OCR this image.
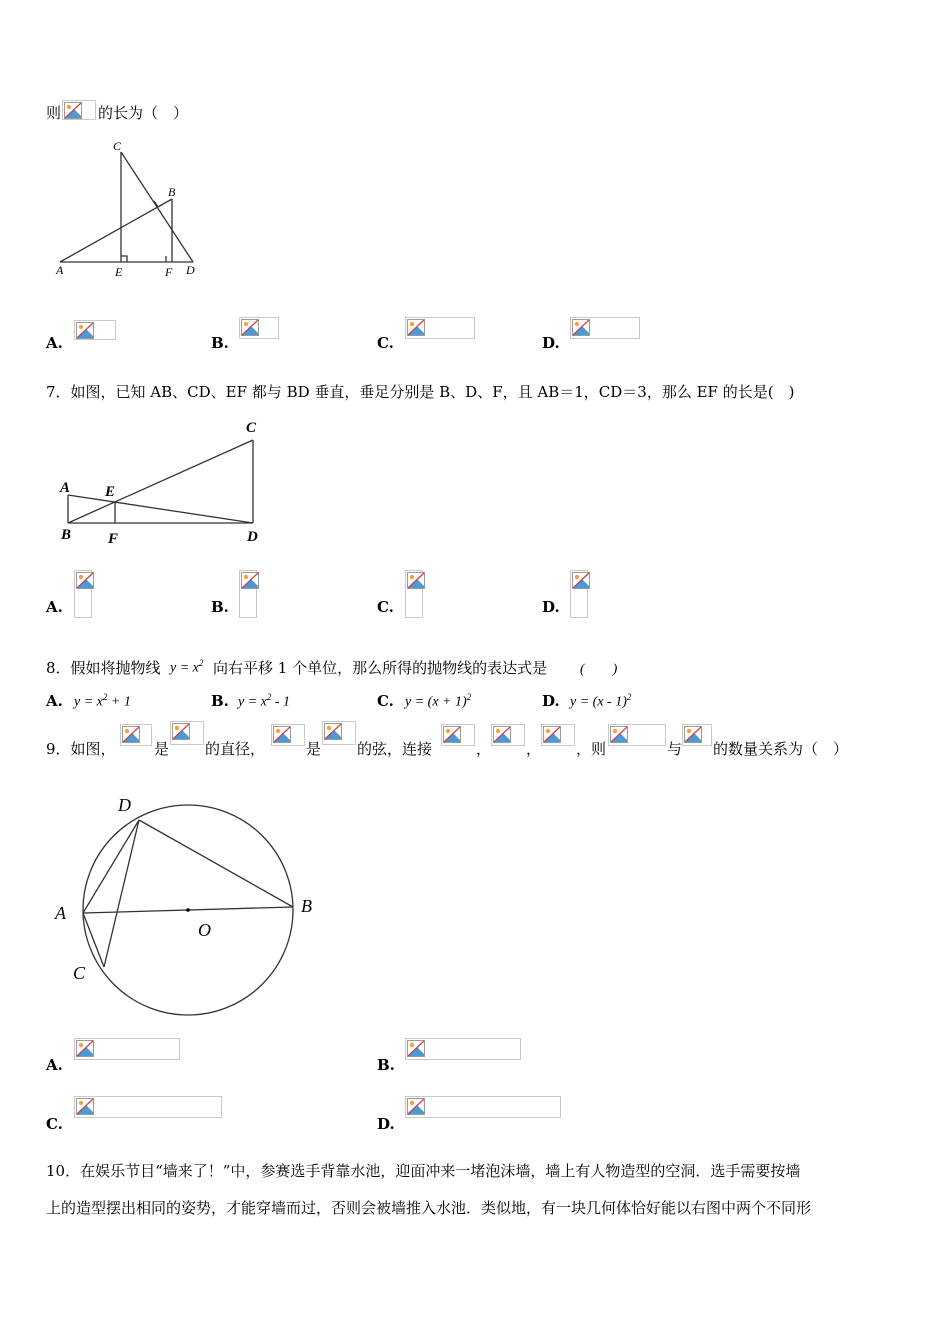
则 的长为（　）
C
B
A	E	F D
A.	B.	C.	D.
7．如图，已知 AB、CD、EF 都与 BD 垂直，垂足分别是 B、D、F，且 AB＝1，CD＝3，那么 EF 的长是(　)
A
B
C
D
E
F
A.	B.	C.	D.
8．假如将抛物线 $y = x^2$ 向右平移 1 个单位，那么所得的抛物线的表达式是 (　　)
A. $y = x^2 + 1$	B. $y = x^2 - 1$	C. $y = (x + 1)^2$	D. y = (x - 1)$^2$
9．如图，	是 的直径，	是 的弦，连接	， ， ，则	与 的数量关系为（　）
D
A	B
O
C
A.	B.
C.	D.
10．在娱乐节目“墙来了！”中，参赛选手背靠水池，迎面冲来一堵泡沫墙，墙上有人物造型的空洞．选手需要按墙
上的造型摆出相同的姿势，才能穿墙而过，否则会被墙推入水池．类似地，有一块几何体恰好能以右图中两个不同形
